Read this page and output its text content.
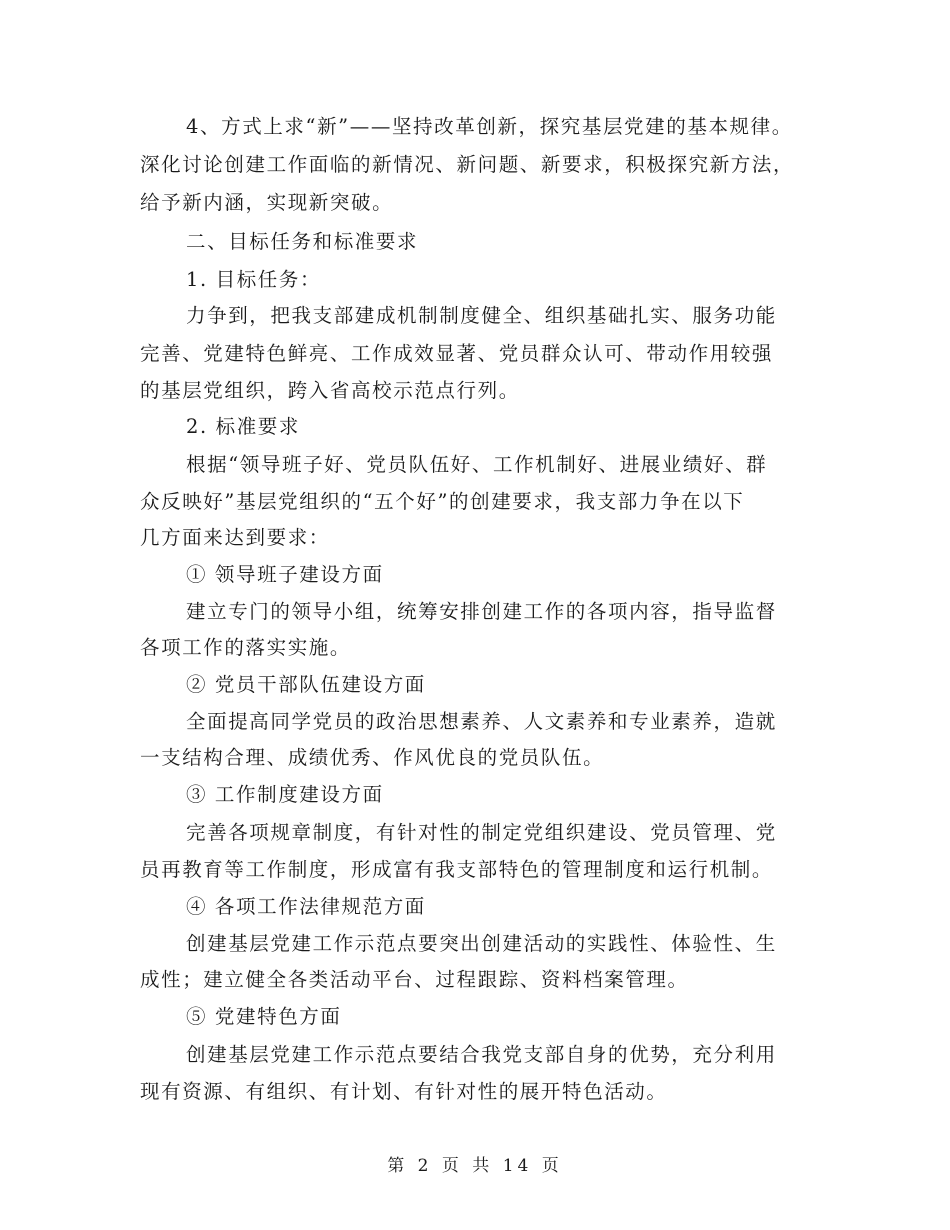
4、方式上求“新”——坚持改革创新，探究基层党建的基本规律。
深化讨论创建工作面临的新情况、新问题、新要求，积极探究新方法，
给予新内涵，实现新突破。
二、目标任务和标准要求
1. 目标任务：
力争到，把我支部建成机制制度健全、组织基础扎实、服务功能
完善、党建特色鲜亮、工作成效显著、党员群众认可、带动作用较强
的基层党组织，跨入省高校示范点行列。
2. 标准要求
根据“领导班子好、党员队伍好、工作机制好、进展业绩好、群
众反映好”基层党组织的“五个好”的创建要求，我支部力争在以下
几方面来达到要求：
① 领导班子建设方面
建立专门的领导小组，统筹安排创建工作的各项内容，指导监督
各项工作的落实实施。
② 党员干部队伍建设方面
全面提高同学党员的政治思想素养、人文素养和专业素养，造就
一支结构合理、成绩优秀、作风优良的党员队伍。
③ 工作制度建设方面
完善各项规章制度，有针对性的制定党组织建设、党员管理、党
员再教育等工作制度，形成富有我支部特色的管理制度和运行机制。
④ 各项工作法律规范方面
创建基层党建工作示范点要突出创建活动的实践性、体验性、生
成性；建立健全各类活动平台、过程跟踪、资料档案管理。
⑤ 党建特色方面
创建基层党建工作示范点要结合我党支部自身的优势，充分利用
现有资源、有组织、有计划、有针对性的展开特色活动。
第 2 页 共 14 页
